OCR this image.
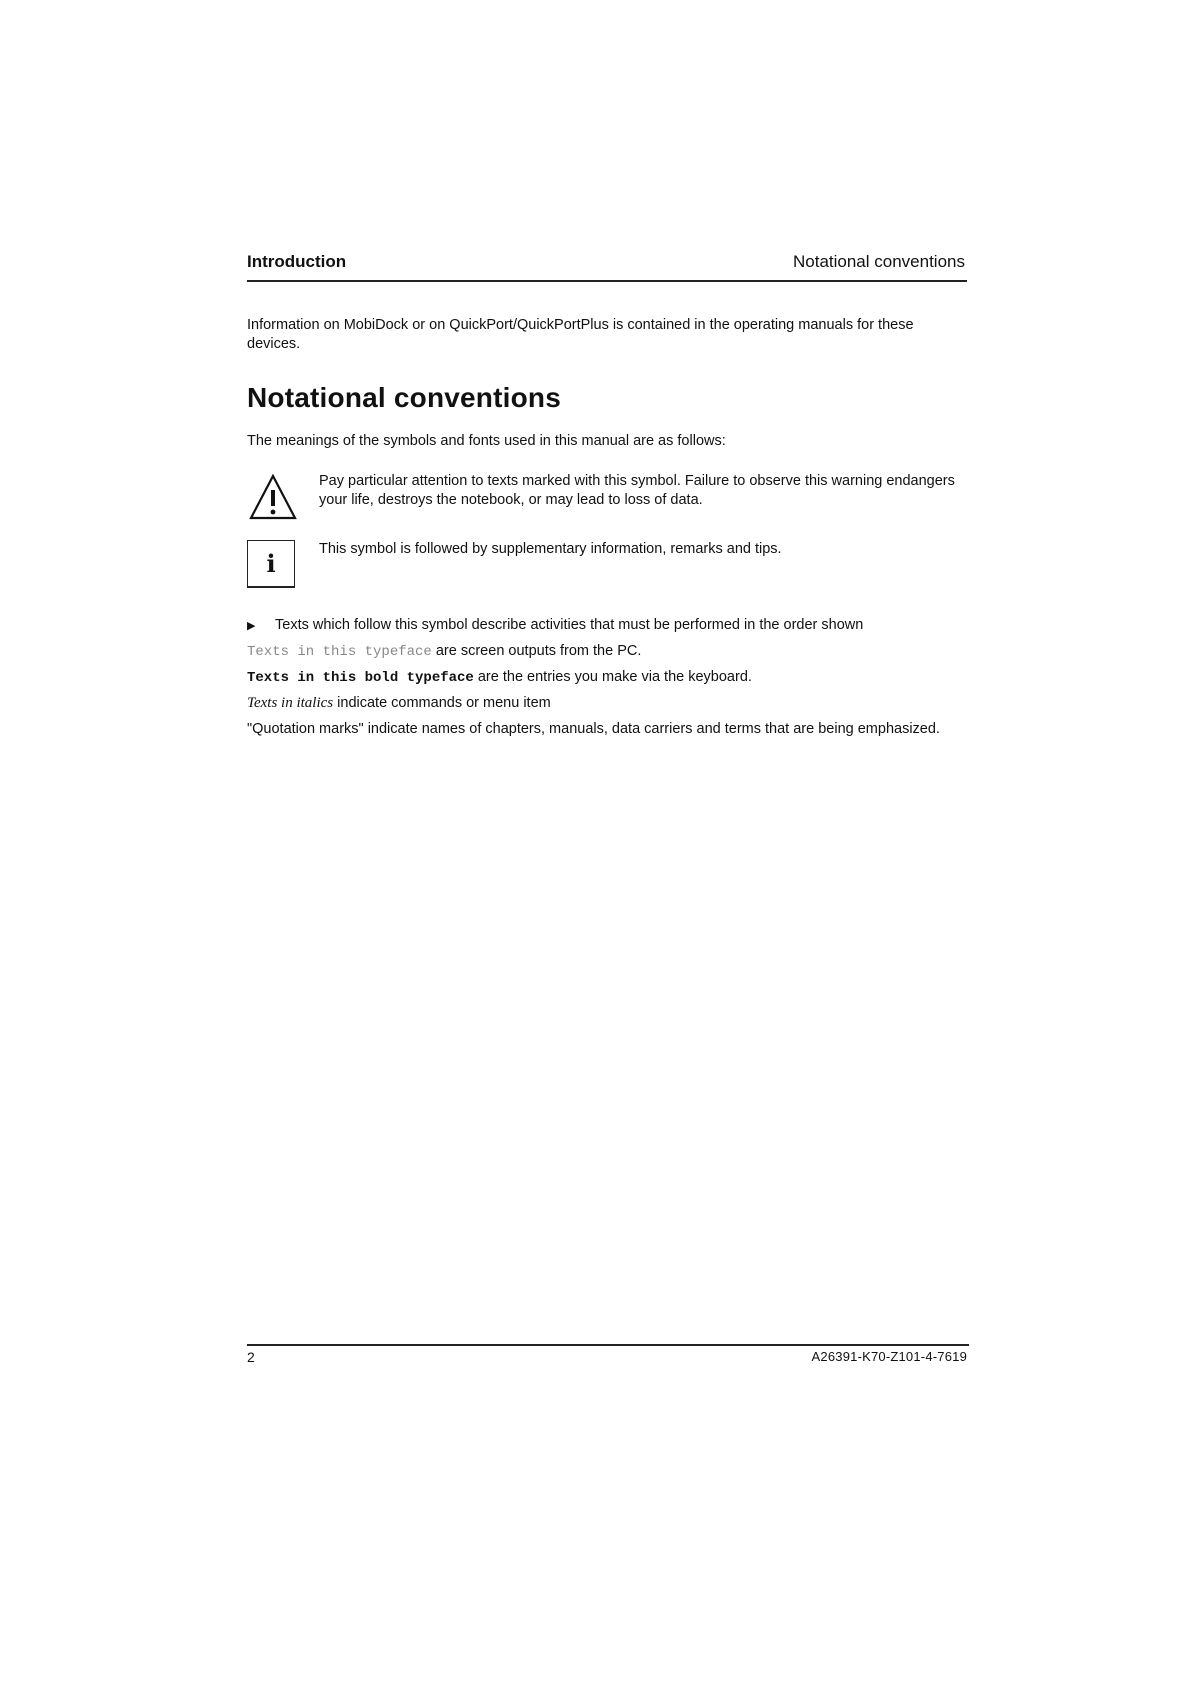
Introduction	Notational conventions
Information on MobiDock or on QuickPort/QuickPortPlus is contained in the operating manuals for these devices.
Notational conventions
The meanings of the symbols and fonts used in this manual are as follows:
Pay particular attention to texts marked with this symbol. Failure to observe this warning endangers your life, destroys the notebook, or may lead to loss of data.
i	This symbol is followed by supplementary information, remarks and tips.
▶ Texts which follow this symbol describe activities that must be performed in the order shown
Texts in this typeface are screen outputs from the PC.
Texts in this bold typeface are the entries you make via the keyboard.
Texts in italics indicate commands or menu item
"Quotation marks" indicate names of chapters, manuals, data carriers and terms that are being emphasized.
2	A26391-K70-Z101-4-7619
